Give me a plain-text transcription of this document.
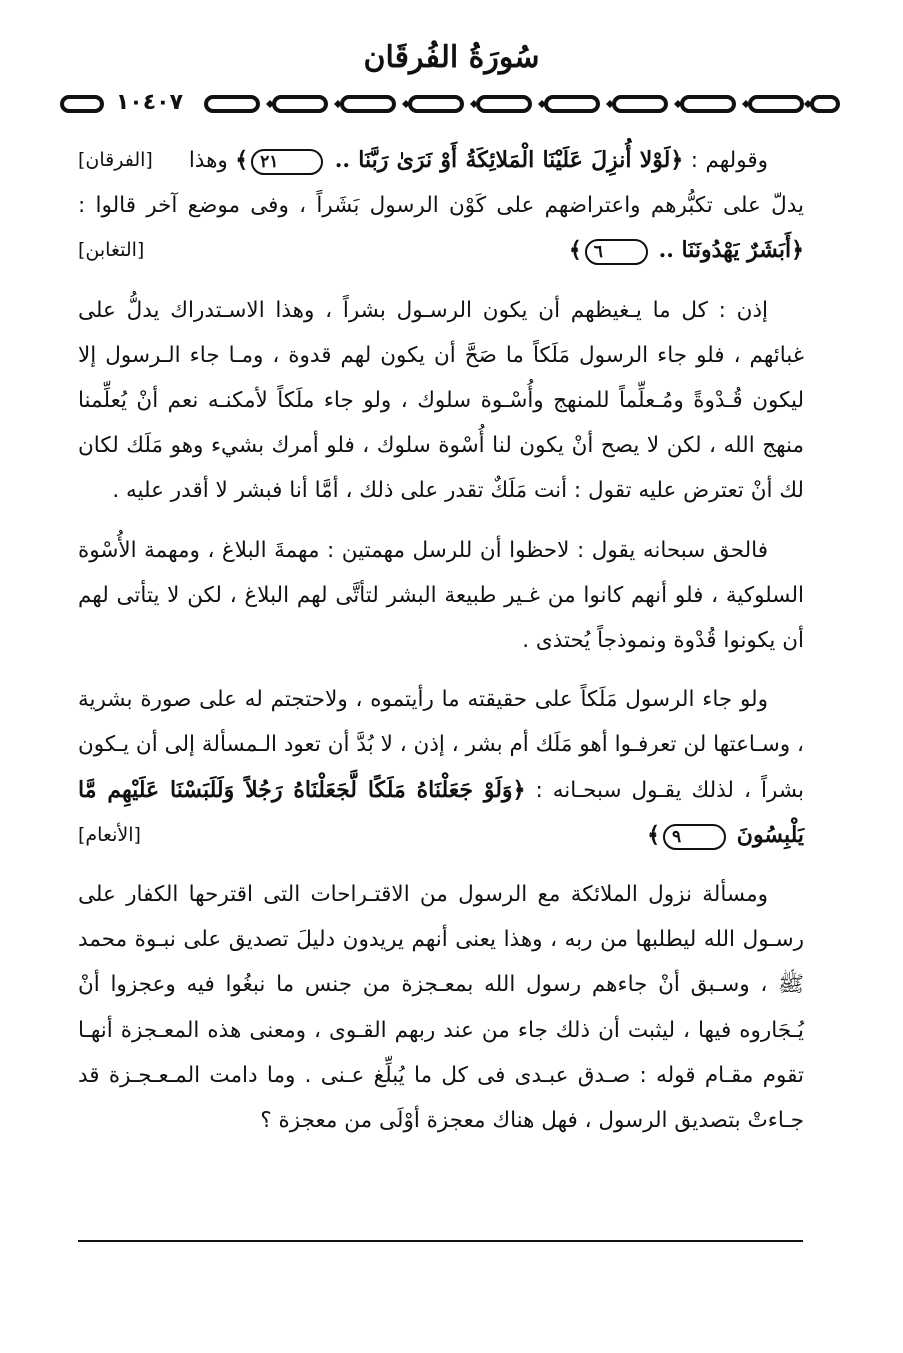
سُورَةُ الفُرقَان
١٠٤٠٧

وقولهم : ﴿لَوْلا أُنزِلَ عَلَيْنَا الْمَلائِكَةُ أَوْ نَرَىٰ رَبَّنَا .. ٢١﴾
[الفرقان]	وهذا يدلّ على تكبُّرهم واعتراضهم على كَوْن الرسول بَشَراً ، وفى موضع آخر قالوا : ﴿أَبَشَرٌ يَهْدُونَنَا .. ٦﴾
[التغابن]

إذن : كل ما يـغيظهم أن يكون الرسـول بشراً ، وهذا الاسـتدراك يدلُّ على غبائهم ، فلو جاء الرسول مَلَكاً ما صَحَّ أن يكون لهم قدوة ، ومـا جاء الـرسول إلا ليكون قُـدْوةً ومُـعلِّماً للمنهج وأُسْـوة سلوك ، ولو جاء ملَكاً لأمكنـه نعم أنْ يُعلِّمنا منهج الله ، لكن لا يصح أنْ يكون لنا أُسْوة سلوك ، فلو أمرك بشيء وهو مَلَك لكان لك أنْ تعترض عليه تقول : أنت مَلَكٌ تقدر على ذلك ، أمَّا أنا فبشر لا أقدر عليه .

فالحق سبحانه يقول : لاحظوا أن للرسل مهمتين : مهمةَ البلاغ ، ومهمة الأُسْوة السلوكية ، فلو أنهم كانوا من غـير طبيعة البشر لتأتَّى لهم البلاغ ، لكن لا يتأتى لهم أن يكونوا قُدْوة ونموذجاً يُحتذى .

ولو جاء الرسول مَلَكاً على حقيقته ما رأيتموه ، ولاحتجتم له على صورة بشرية ، وسـاعتها لن تعرفـوا أهو مَلَك أم بشر ، إذن ، لا بُدَّ أن تعود الـمسألة إلى أن يـكون بشراً ، لذلك يقـول سبحـانه : ﴿وَلَوْ جَعَلْنَاهُ مَلَكًا لَّجَعَلْنَاهُ رَجُلاً وَلَلَبَسْنَا عَلَيْهِم مَّا يَلْبِسُونَ ٩﴾
[الأنعام]

ومسألة نزول الملائكة مع الرسول من الاقتـراحات التى اقترحها الكفار على رسـول الله ليطلبها من ربه ، وهذا يعنى أنهم يريدون دليلَ تصديق على نبـوة محمد ﷺ ، وسـبق أنْ جاءهم رسول الله بمعـجزة من جنس ما نبغُوا فيه وعجزوا أنْ يُـجَاروه فيها ، ليثبت أن ذلك جاء من عند ربهم القـوى ، ومعنى هذه المعـجزة أنهـا تقوم مقـام قوله : صـدق عبـدى فى كل ما يُبلِّغ عـنى . وما دامت المـعـجـزة قد جـاءتْ بتصديق الرسول ، فهل هناك معجزة أوْلَى من معجزة ؟
